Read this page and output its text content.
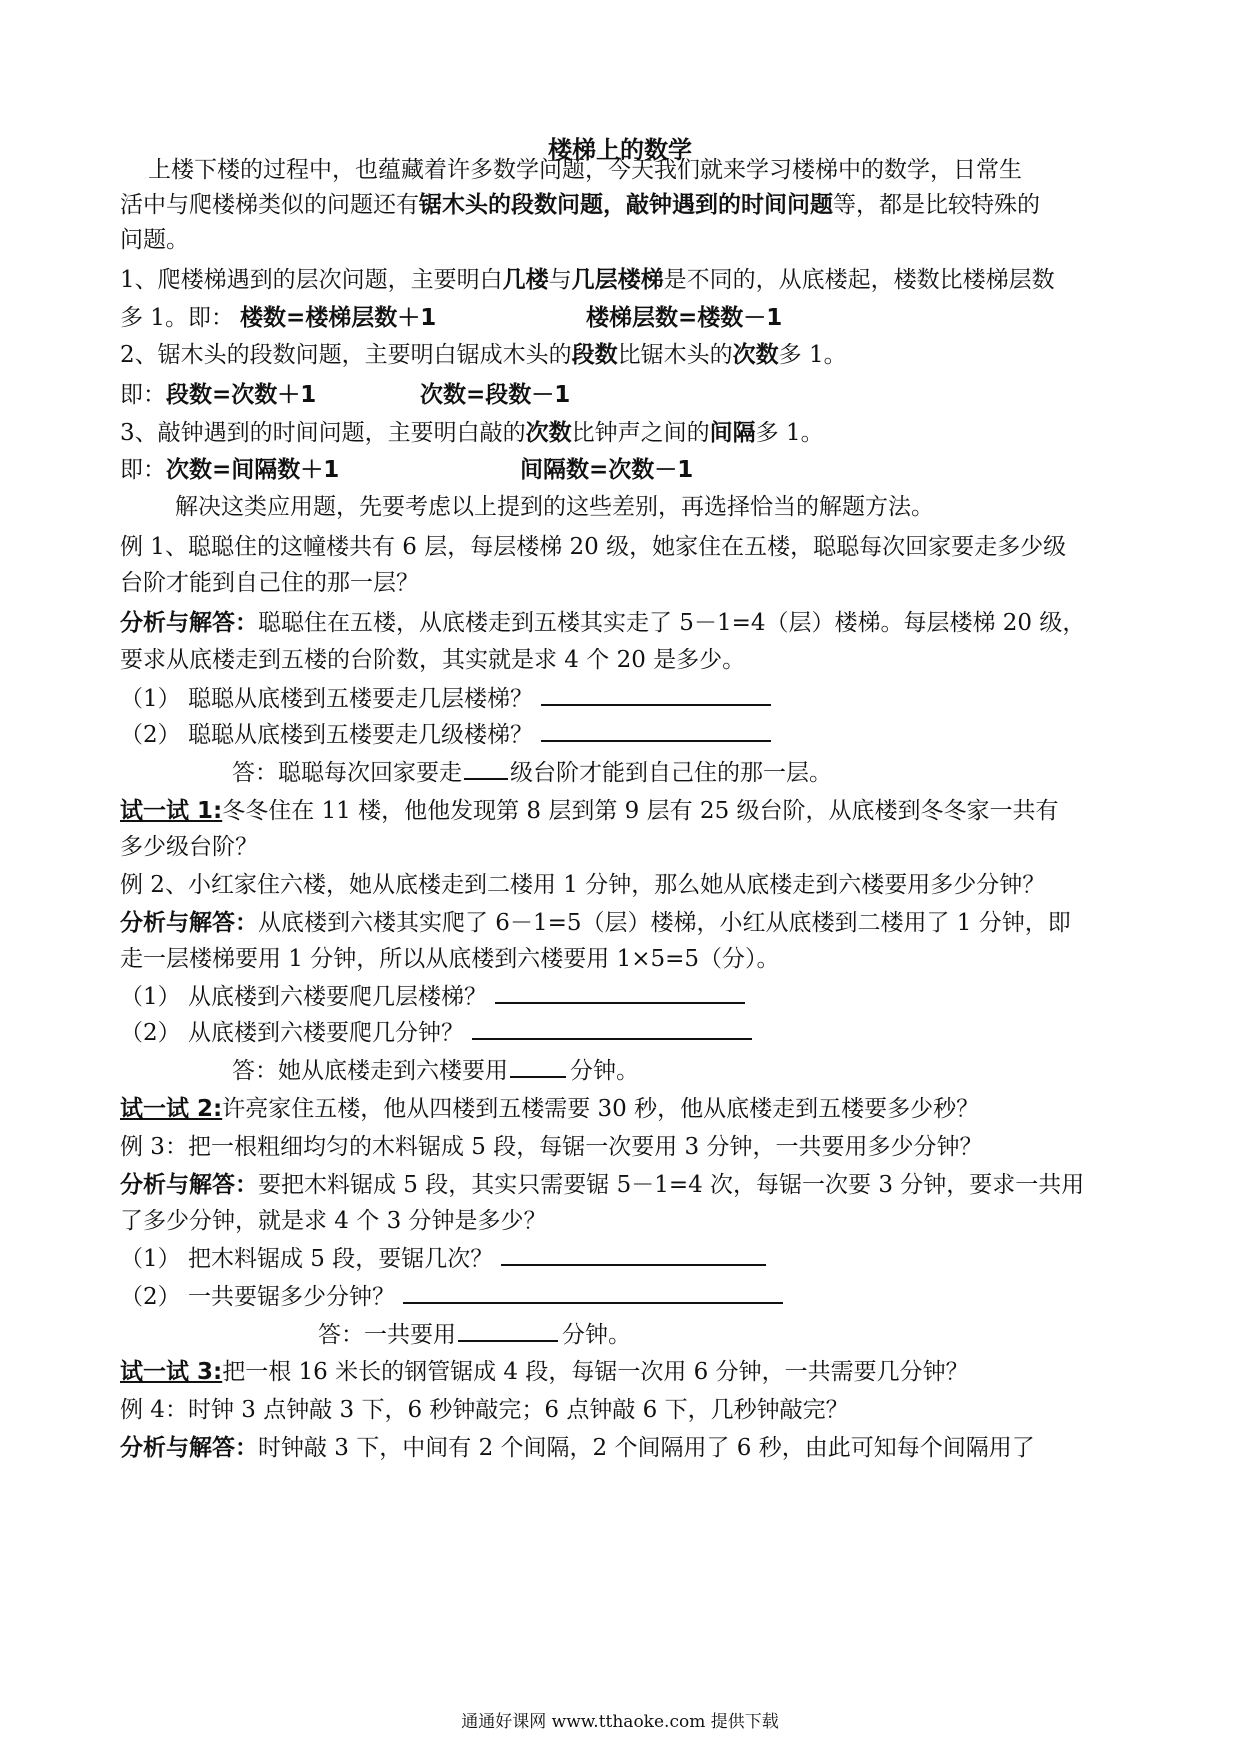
楼梯上的数学
上楼下楼的过程中，也蕴藏着许多数学问题，今天我们就来学习楼梯中的数学，日常生
活中与爬楼梯类似的问题还有锯木头的段数问题，敲钟遇到的时间问题等，都是比较特殊的
问题。
1、爬楼梯遇到的层次问题，主要明白几楼与几层楼梯是不同的，从底楼起，楼数比楼梯层数
多 1。即： 楼数=楼梯层数＋1	楼梯层数=楼数－1
2、锯木头的段数问题，主要明白锯成木头的段数比锯木头的次数多 1。
即：段数=次数＋1	次数=段数－1
3、敲钟遇到的时间问题，主要明白敲的次数比钟声之间的间隔多 1。
即：次数=间隔数＋1	间隔数=次数－1
解决这类应用题，先要考虑以上提到的这些差别，再选择恰当的解题方法。
例 1、聪聪住的这幢楼共有 6 层，每层楼梯 20 级，她家住在五楼，聪聪每次回家要走多少级
台阶才能到自己住的那一层？
分析与解答：聪聪住在五楼，从底楼走到五楼其实走了 5－1=4（层）楼梯。每层楼梯 20 级，
要求从底楼走到五楼的台阶数，其实就是求 4 个 20 是多少。
（1） 聪聪从底楼到五楼要走几层楼梯？
（2） 聪聪从底楼到五楼要走几级楼梯？
答：聪聪每次回家要走 级台阶才能到自己住的那一层。
试一试 1:冬冬住在 11 楼，他他发现第 8 层到第 9 层有 25 级台阶，从底楼到冬冬家一共有
多少级台阶？
例 2、小红家住六楼，她从底楼走到二楼用 1 分钟，那么她从底楼走到六楼要用多少分钟？
分析与解答：从底楼到六楼其实爬了 6－1=5（层）楼梯，小红从底楼到二楼用了 1 分钟，即
走一层楼梯要用 1 分钟，所以从底楼到六楼要用 1×5=5（分）。
（1） 从底楼到六楼要爬几层楼梯？
（2） 从底楼到六楼要爬几分钟？
答：她从底楼走到六楼要用	分钟。
试一试 2:许亮家住五楼，他从四楼到五楼需要 30 秒，他从底楼走到五楼要多少秒？
例 3：把一根粗细均匀的木料锯成 5 段，每锯一次要用 3 分钟，一共要用多少分钟？
分析与解答：要把木料锯成 5 段，其实只需要锯 5－1=4 次，每锯一次要 3 分钟，要求一共用
了多少分钟，就是求 4 个 3 分钟是多少？
（1） 把木料锯成 5 段，要锯几次？
（2） 一共要锯多少分钟？
答：一共要用	分钟。
试一试 3:把一根 16 米长的钢管锯成 4 段，每锯一次用 6 分钟，一共需要几分钟？
例 4：时钟 3 点钟敲 3 下，6 秒钟敲完；6 点钟敲 6 下，几秒钟敲完？
分析与解答：时钟敲 3 下，中间有 2 个间隔，2 个间隔用了 6 秒，由此可知每个间隔用了
通通好课网 www.tthaoke.com 提供下载
